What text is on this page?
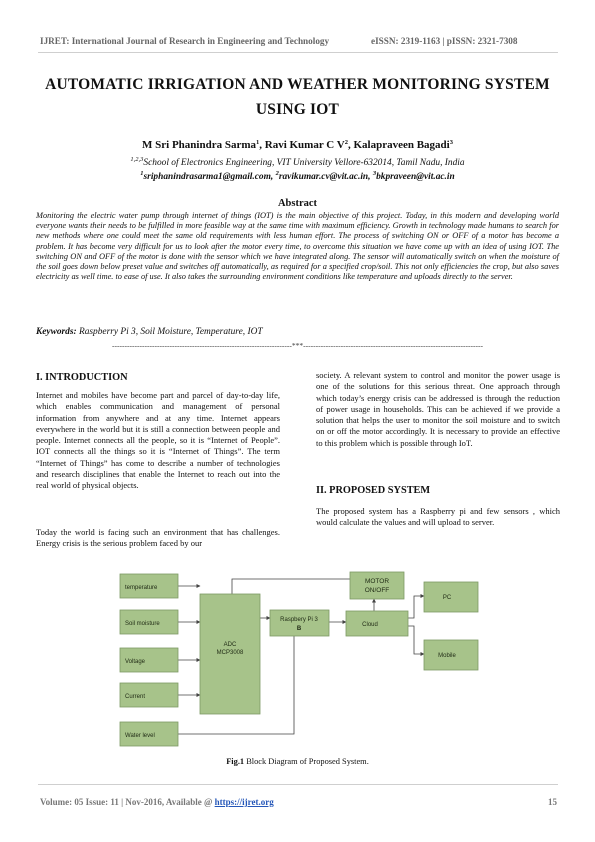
IJRET: International Journal of Research in Engineering and Technology	eISSN: 2319-1163 | pISSN: 2321-7308
AUTOMATIC IRRIGATION AND WEATHER MONITORING SYSTEM
USING IOT
M Sri Phanindra Sarma$^1$, Ravi Kumar C $V^2$, Kalapraveen Bagadi$^3$
$^{1,2,3}$School of Electronics Engineering, VIT University Vellore-632014, Tamil Nadu, India
$^1$sriphanindrasarma1@gmail.com, $^2$ravikumar.cv@vit.ac.in, $^3$bkpraveen@vit.ac.in
Abstract
Monitoring the electric water pump through internet of things (IOT) is the main objective of this project. Today, in this modern and developing world everyone wants their needs to be fulfilled in more feasible way at the same time with maximum efficiency. Growth in technology made humans to search for new methods where one could meet the same old requirements with less human effort. The process of switching ON or OFF of a motor has become a problem. It has become very difficult for us to look after the motor every time, to overcome this situation we have come up with an idea of using IOT. The switching ON and OFF of the motor is done with the sensor which we have integrated along. The sensor will automatically switch on when the moisture of the soil goes down below preset value and switches off automatically, as required for a specified crop/soil. This not only efficiencies the crop, but also saves electricity as well time. to ease of use. It also takes the surrounding environment conditions like temperature and uploads directly to the server.
Keywords: Raspberry Pi 3, Soil Moisture, Temperature, IOT
------------------------------------------------------------------------***------------------------------------------------------------------------
I. INTRODUCTION
Internet and mobiles have become part and parcel of day-to-day life, which enables communication and management of personal information from anywhere and at any time. Internet appears everywhere in the world but it is still a connection between people and people. Internet connects all the people, so it is “Internet of People”. IOT connects all the things so it is “Internet of Things”. The term “Internet of Things” has come to describe a number of technologies and research disciplines that enable the Internet to reach out into the real world of physical objects.
Today the world is facing such an environment that has challenges. Energy crisis is the serious problem faced by our
society. A relevant system to control and monitor the power usage is one of the solutions for this serious threat. One approach through which today’s energy crisis can be addressed is through the reduction of power usage in households. This can be achieved if we provide a solution that helps the user to monitor the soil moisture and to switch on or off the motor accordingly. It is necessary to provide an effective to this problem which is possible through IoT.
II. PROPOSED SYSTEM
The proposed system has a Raspberry pi and few sensors , which would calculate the values and will upload to server.
temperature
Soil moisture
Voltage
Current
Water level
ADC
MCP3008
Raspbery Pi 3
B
MOTOR
ON/OFF
Cloud
PC
Mobile
Fig.1 Block Diagram of Proposed System.
Volume: 05 Issue: 11 | Nov-2016, Available @ https://ijret.org	15
